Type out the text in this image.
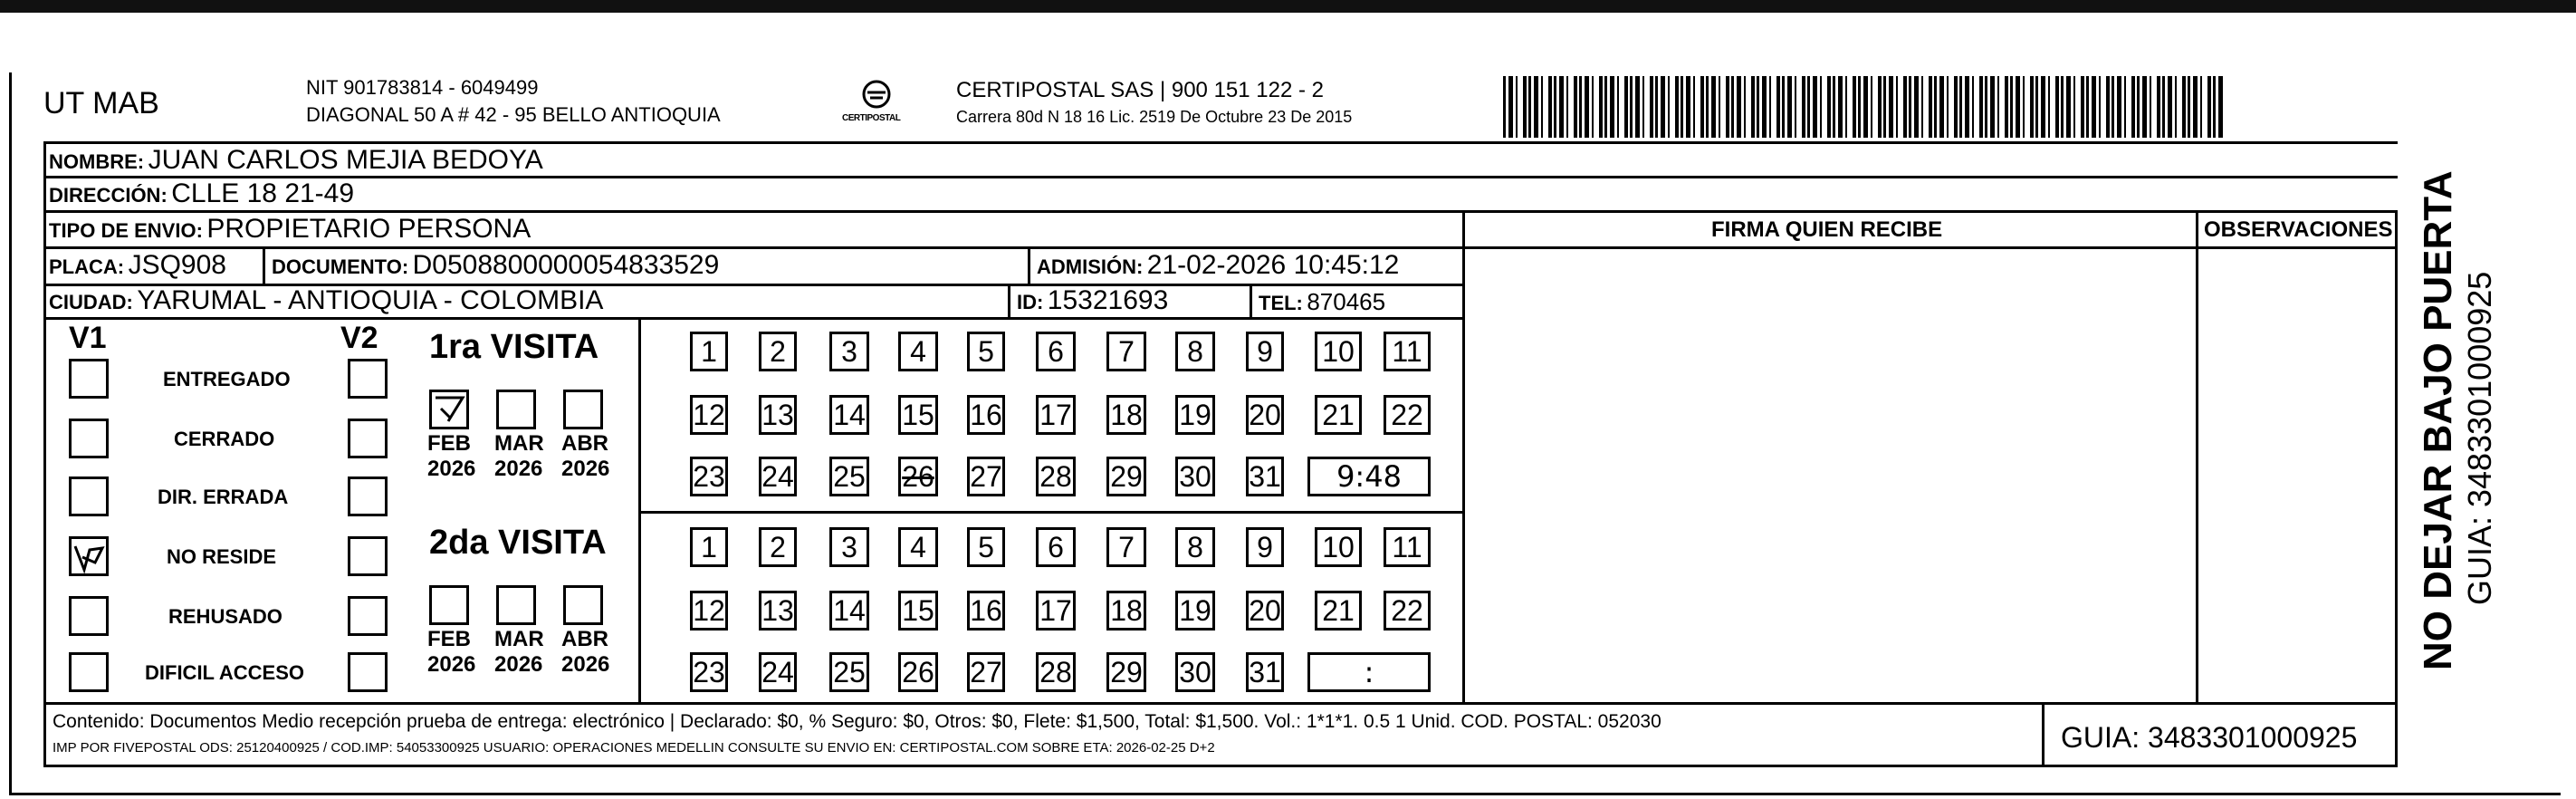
UT MAB	NIT 901783814 - 6049499
DIAGONAL 50 A # 42 - 95 BELLO ANTIOQUIA	CERTIPOSTAL
CERTIPOSTAL SAS | 900 151 122 - 2
Carrera 80d N 18 16 Lic. 2519 De Octubre 23 De 2015
NOMBRE: JUAN CARLOS MEJIA BEDOYA
DIRECCIÓN: CLLE 18 21-49
TIPO DE ENVIO: PROPIETARIO PERSONA	FIRMA QUIEN RECIBE	OBSERVACIONES
PLACA: JSQ908 DOCUMENTO: D0508800000054833529	ADMISIÓN: 21-02-2026 10:45:12
CIUDAD: YARUMAL - ANTIOQUIA - COLOMBIA	ID: 15321693	TEL: 870465
V1	V2
ENTREGADO
CERRADO
DIR. ERRADA
NO RESIDE
REHUSADO
DIFICIL ACCESO
1ra VISITA
FEB
2026
MAR
2026
ABR
2026
1	2	3	4	5	6	7	8	9	10 11
12 13 14 15 16 17 18 19 20 21 22
23 24 25 26 27 28 29 30 31	9:48
2da VISITA
FEB
2026
MAR
2026
ABR
2026
1	2	3	4	5	6	7	8	9	10 11
12 13 14 15 16 17 18 19 20 21 22
23 24 25 26 27 28 29 30 31	:
Contenido: Documentos Medio recepción prueba de entrega: electrónico | Declarado: $0, % Seguro: $0, Otros: $0, Flete: $1,500, Total: $1,500. Vol.: 1*1*1. 0.5 1 Unid. COD. POSTAL: 052030
IMP POR FIVEPOSTAL ODS: 25120400925 / COD.IMP: 54053300925 USUARIO: OPERACIONES MEDELLIN CONSULTE SU ENVIO EN: CERTIPOSTAL.COM SOBRE ETA: 2026-02-25 D+2	GUIA: 3483301000925
NO DEJAR BAJO PUERTA GUIA: 3483301000925
